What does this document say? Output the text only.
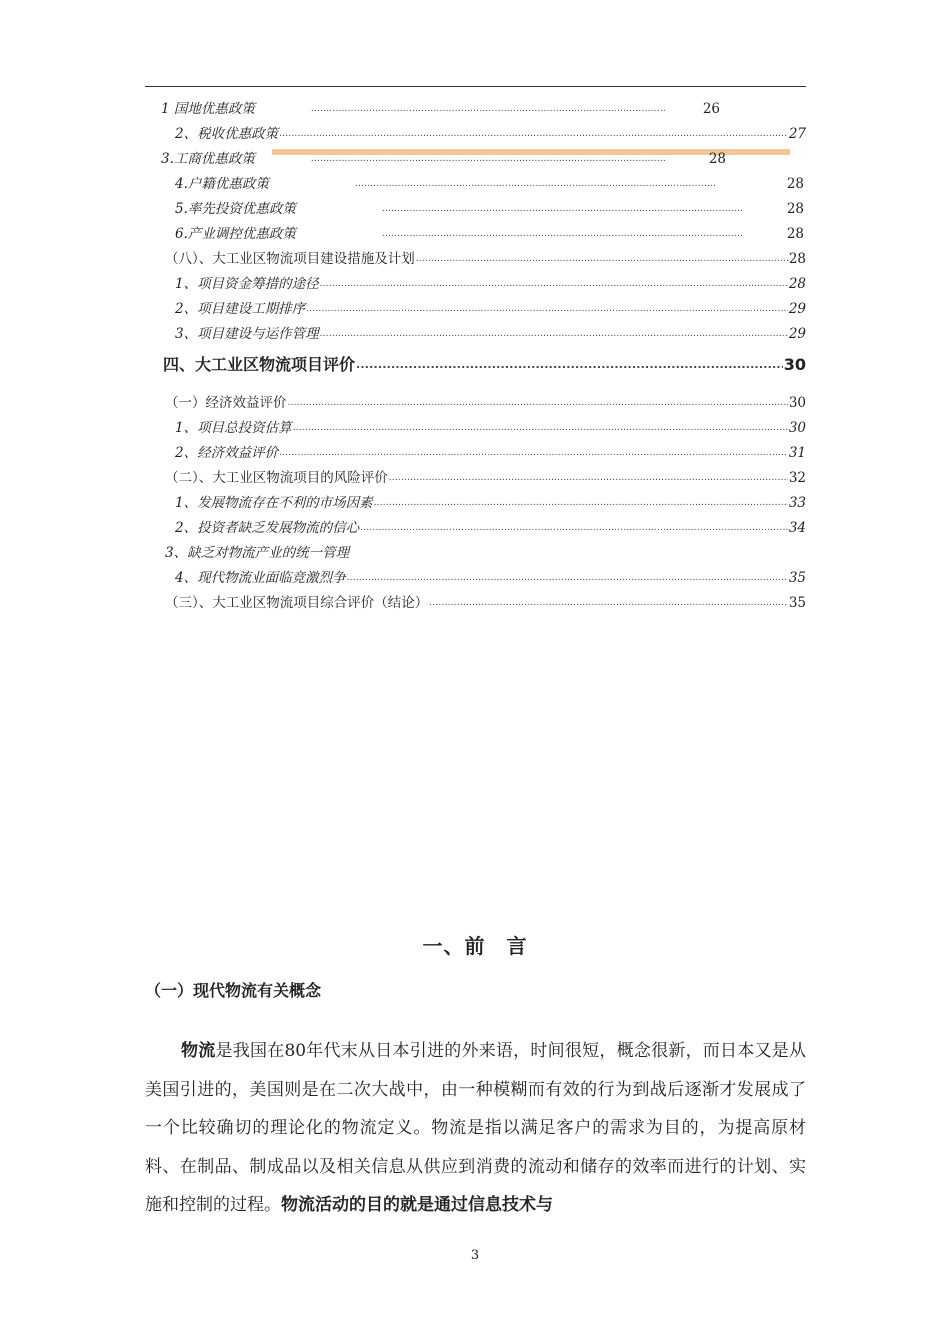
1 国地优惠政策 .....	26
2、税收优惠政策 .....	27
3.工商优惠政策 .....	28
4.户籍优惠政策 .....	28
5.率先投资优惠政策 .....	28
6.产业调控优惠政策 .....	28
（八）、大工业区物流项目建设措施及计划 .....	28
1、项目资金筹措的途径 .....	28
2、项目建设工期排序 .....	29
3、项目建设与运作管理 .....	29
四、大工业区物流项目评价 .....	30
（一）经济效益评价 .....	30
1、项目总投资估算 .....	30
2、经济效益评价 .....	31
（二）、大工业区物流项目的风险评价 .....	32
1、发展物流存在不利的市场因素 .....	33
2、投资者缺乏发展物流的信心 .....	34
3、缺乏对物流产业的统一管理
4、现代物流业面临竞激烈争 .....	35
（三）、大工业区物流项目综合评价（结论） .....	35
一、前　言
（一）现代物流有关概念
物流是我国在80年代末从日本引进的外来语，时间很短，概念很新，而日本又是从美国引进的，美国则是在二次大战中，由一种模糊而有效的行为到战后逐渐才发展成了一个比较确切的理论化的物流定义。物流是指以满足客户的需求为目的，为提高原材料、在制品、制成品以及相关信息从供应到消费的流动和储存的效率而进行的计划、实施和控制的过程。物流活动的目的就是通过信息技术与
3
